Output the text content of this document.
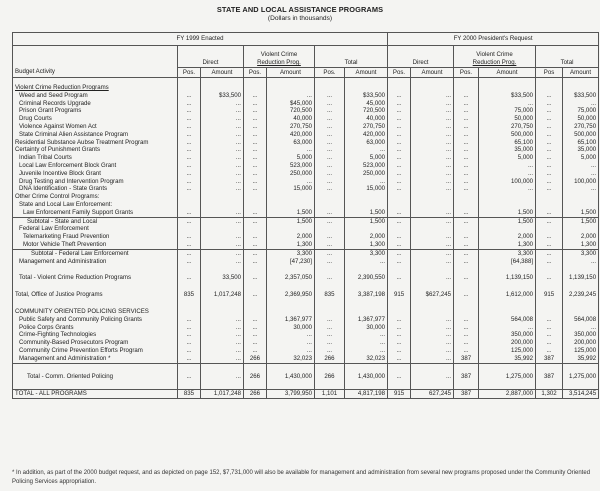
STATE AND LOCAL ASSISTANCE PROGRAMS
(Dollars in thousands)
FY 1999 Enacted							FY 2000 President's Request					
	Direct		Violent Crime
Reduction Prog.		Total		Direct		Violent Crime
Reduction Prog.		Total	
Budget Activity	Pos.	Amount	Pos.	Amount	Pos.	Amount	Pos.	Amount	Pos.	Amount	Pos	Amount

Violent Crime Reduction Programs												
Weed and Seed Program	...	$33,500	...	...	...	$33,500	...	...	...	$33,500	...	$33,500
Criminal Records Upgrade	...	...	...	$45,000	...	45,000	...	...	...	...	...	...
Prison Grant Programs	...	...	...	720,500	...	720,500	...	...	...	75,000	...	75,000
Drug Courts	...	...	...	40,000	...	40,000	...	...	...	50,000	...	50,000
Violence Against Women Act	...	...	...	270,750	...	270,750	...	...	...	270,750	...	270,750
State Criminal Alien Assistance Program	...	...	...	420,000	...	420,000	...	...	...	500,000	...	500,000
Residential Substance Aubse Treatment Program	...	...	...	63,000	...	63,000	...	...	...	65,100	...	65,100
Certainty of Punishment Grants	...	...	...	...	...	...	...	...	...	35,000	...	35,000
Indian Tribal Courts	...	...	...	5,000	...	5,000	...	...	...	5,000	...	5,000
Local Law Enforcement Block Grant	...	...	...	523,000	...	523,000	...	...	...	...	...	...
Juvenile Incentive Block Grant	...	...	...	250,000	...	250,000	...	...	...	...	...	...
Drug Testing and Intervention Program	...	...	...	...	...	...	...	...	...	100,000	...	100,000
DNA Identification - State Grants	...	...	...	15,000	...	15,000	...	...	...	...	...	...
Other Crime Control Programs:												
State and Local Law Enforcement:												
Law Enforcement Family Support Grants	...	...	...	1,500	...	1,500	...	...	...	1,500	...	1,500
Subtotal - State and Local	...	...	...	1,500	...	1,500	...	...	...	1,500	...	1,500
Federal Law Enforcement												
Telemarketing Fraud Prevention	...	...	...	2,000	...	2,000	...	...	...	2,000	...	2,000
Motor Vehicle Theft Prevention	...	...	...	1,300	...	1,300	...	...	...	1,300	...	1,300
Subtotal - Federal Law Enforcement	...	...	...	3,300	...	3,300	...	...	...	3,300	...	3,300
Management and Administration	...	...	...	[47,230]	...	...	...	...	...	[64,388]	...	...

Total - Violent Crime Reduction Programs	...	33,500	...	2,357,050	...	2,390,550	...	...	...	1,139,150	...	1,139,150

Total, Office of Justice Programs	835	1,017,248	...	2,369,950	835	3,387,198	915	$627,245	...	1,612,000	915	2,239,245

COMMUNITY ORIENTED POLICING SERVICES												
Public Safety and Community Policing Grants	...	...	...	1,367,977	...	1,367,977	...	...	...	564,008	...	564,008
Police Corps Grants	...	...	...	30,000	...	30,000	...	...	...	...	...	...
Crime-Fighting Technologies	...	...	...	...	...	...	...	...	...	350,000	...	350,000
Community-Based Prosecutors Program	...	...	...	...	...	...	...	...	...	200,000	...	200,000
Community Crime Prevention Efforts Program	...	...	...	...	...	...	...	...	...	125,000	...	125,000
Management and Administration *	...	...	266	32,023	266	32,023	...	...	387	35,992	387	35,992

Total - Comm. Oriented Policing	...	...	266	1,430,000	266	1,430,000	...	...	387	1,275,000	387	1,275,000

TOTAL - ALL PROGRAMS	835	1,017,248	266	3,799,950	1,101	4,817,198	915	627,245	387	2,887,000	1,302	3,514,245
* In addition, as part of the 2000 budget request, and as depicted on page 152, $7,731,000 will also be available for management and administration from several new programs proposed under the Community Oriented Policing Services appropriation.
